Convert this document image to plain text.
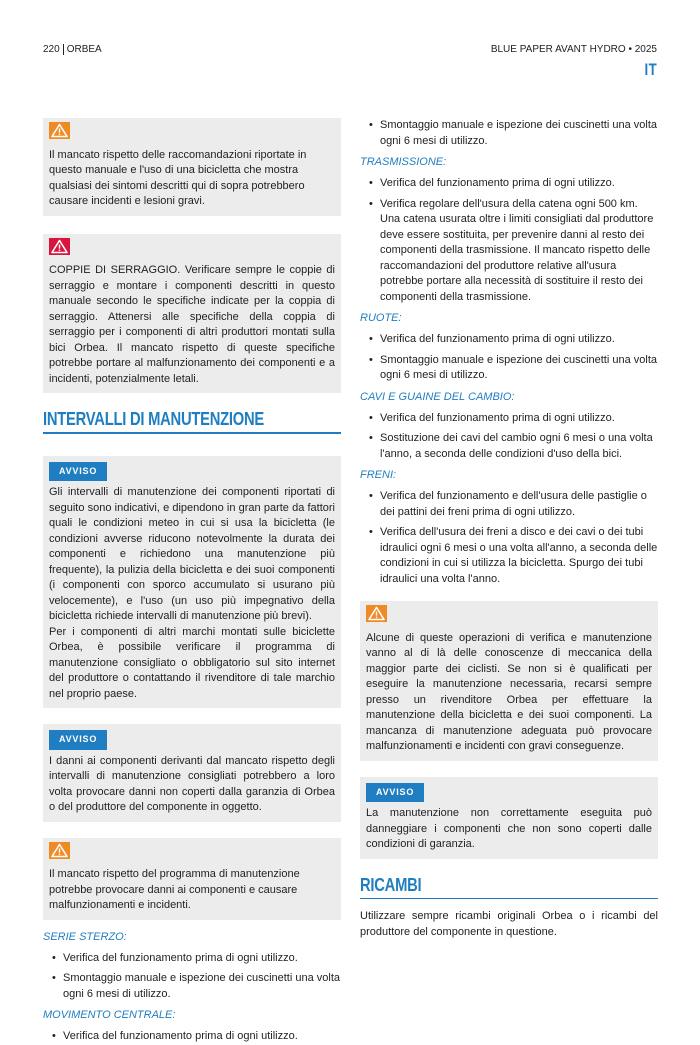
220 ORBEA	BLUE PAPER AVANT HYDRO • 2025
IT

Il mancato rispetto delle raccomandazioni riportate in questo manuale e l'uso di una bicicletta che mostra qualsiasi dei sintomi descritti qui di sopra potrebbero causare incidenti e lesioni gravi.

COPPIE DI SERRAGGIO. Verificare sempre le coppie di serraggio e montare i componenti descritti in questo manuale secondo le specifiche indicate per la coppia di serraggio. Attenersi alle specifiche della coppia di serraggio per i componenti di altri produttori montati sulla bici Orbea. Il mancato rispetto di queste specifiche potrebbe portare al malfunzionamento dei componenti e a incidenti, potenzialmente letali.

INTERVALLI DI MANUTENZIONE
AVVISO

Gli intervalli di manutenzione dei componenti riportati di seguito sono indicativi, e dipendono in gran parte da fattori quali le condizioni meteo in cui si usa la bicicletta (le condizioni avverse riducono notevolmente la durata dei componenti e richiedono una manutenzione più frequente), la pulizia della bicicletta e dei suoi componenti (i componenti con sporco accumulato si usurano più velocemente), e l'uso (un uso più impegnativo della bicicletta richiede intervalli di manutenzione più brevi).

Per i componenti di altri marchi montati sulle biciclette Orbea, è possibile verificare il programma di manutenzione consigliato o obbligatorio sul sito internet del produttore o contattando il rivenditore di tale marchio nel proprio paese.

AVVISO

I danni ai componenti derivanti dal mancato rispetto degli intervalli di manutenzione consigliati potrebbero a loro volta provocare danni non coperti dalla garanzia di Orbea o del produttore del componente in oggetto.

Il mancato rispetto del programma di manutenzione potrebbe provocare danni ai componenti e causare malfunzionamenti e incidenti.

SERIE STERZO:
• Verifica del funzionamento prima di ogni utilizzo.
• Smontaggio manuale e ispezione dei cuscinetti una volta ogni 6 mesi di utilizzo.
MOVIMENTO CENTRALE:
• Verifica del funzionamento prima di ogni utilizzo.
• Smontaggio manuale e ispezione dei cuscinetti una volta ogni 6 mesi di utilizzo.
TRASMISSIONE:
• Verifica del funzionamento prima di ogni utilizzo.
• Verifica regolare dell'usura della catena ogni 500 km. Una catena usurata oltre i limiti consigliati dal produttore deve essere sostituita, per prevenire danni al resto dei componenti della trasmissione. Il mancato rispetto delle raccomandazioni del produttore relative all'usura potrebbe portare alla necessità di sostituire il resto dei componenti della trasmissione.
RUOTE:
• Verifica del funzionamento prima di ogni utilizzo.
• Smontaggio manuale e ispezione dei cuscinetti una volta ogni 6 mesi di utilizzo.
CAVI E GUAINE DEL CAMBIO:
• Verifica del funzionamento prima di ogni utilizzo.
• Sostituzione dei cavi del cambio ogni 6 mesi o una volta l'anno, a seconda delle condizioni d'uso della bici.
FRENI:
• Verifica del funzionamento e dell'usura delle pastiglie o dei pattini dei freni prima di ogni utilizzo.
• Verifica dell'usura dei freni a disco e dei cavi o dei tubi idraulici ogni 6 mesi o una volta all'anno, a seconda delle condizioni in cui si utilizza la bicicletta. Spurgo dei tubi idraulici una volta l'anno.

Alcune di queste operazioni di verifica e manutenzione vanno al di là delle conoscenze di meccanica della maggior parte dei ciclisti. Se non si è qualificati per eseguire la manutenzione necessaria, recarsi sempre presso un rivenditore Orbea per effettuare la manutenzione della bicicletta e dei suoi componenti. La mancanza di manutenzione adeguata può provocare malfunzionamenti e incidenti con gravi conseguenze.

AVVISO

La manutenzione non correttamente eseguita può danneggiare i componenti che non sono coperti dalle condizioni di garanzia.

RICAMBI

Utilizzare sempre ricambi originali Orbea o i ricambi del produttore del componente in questione.
